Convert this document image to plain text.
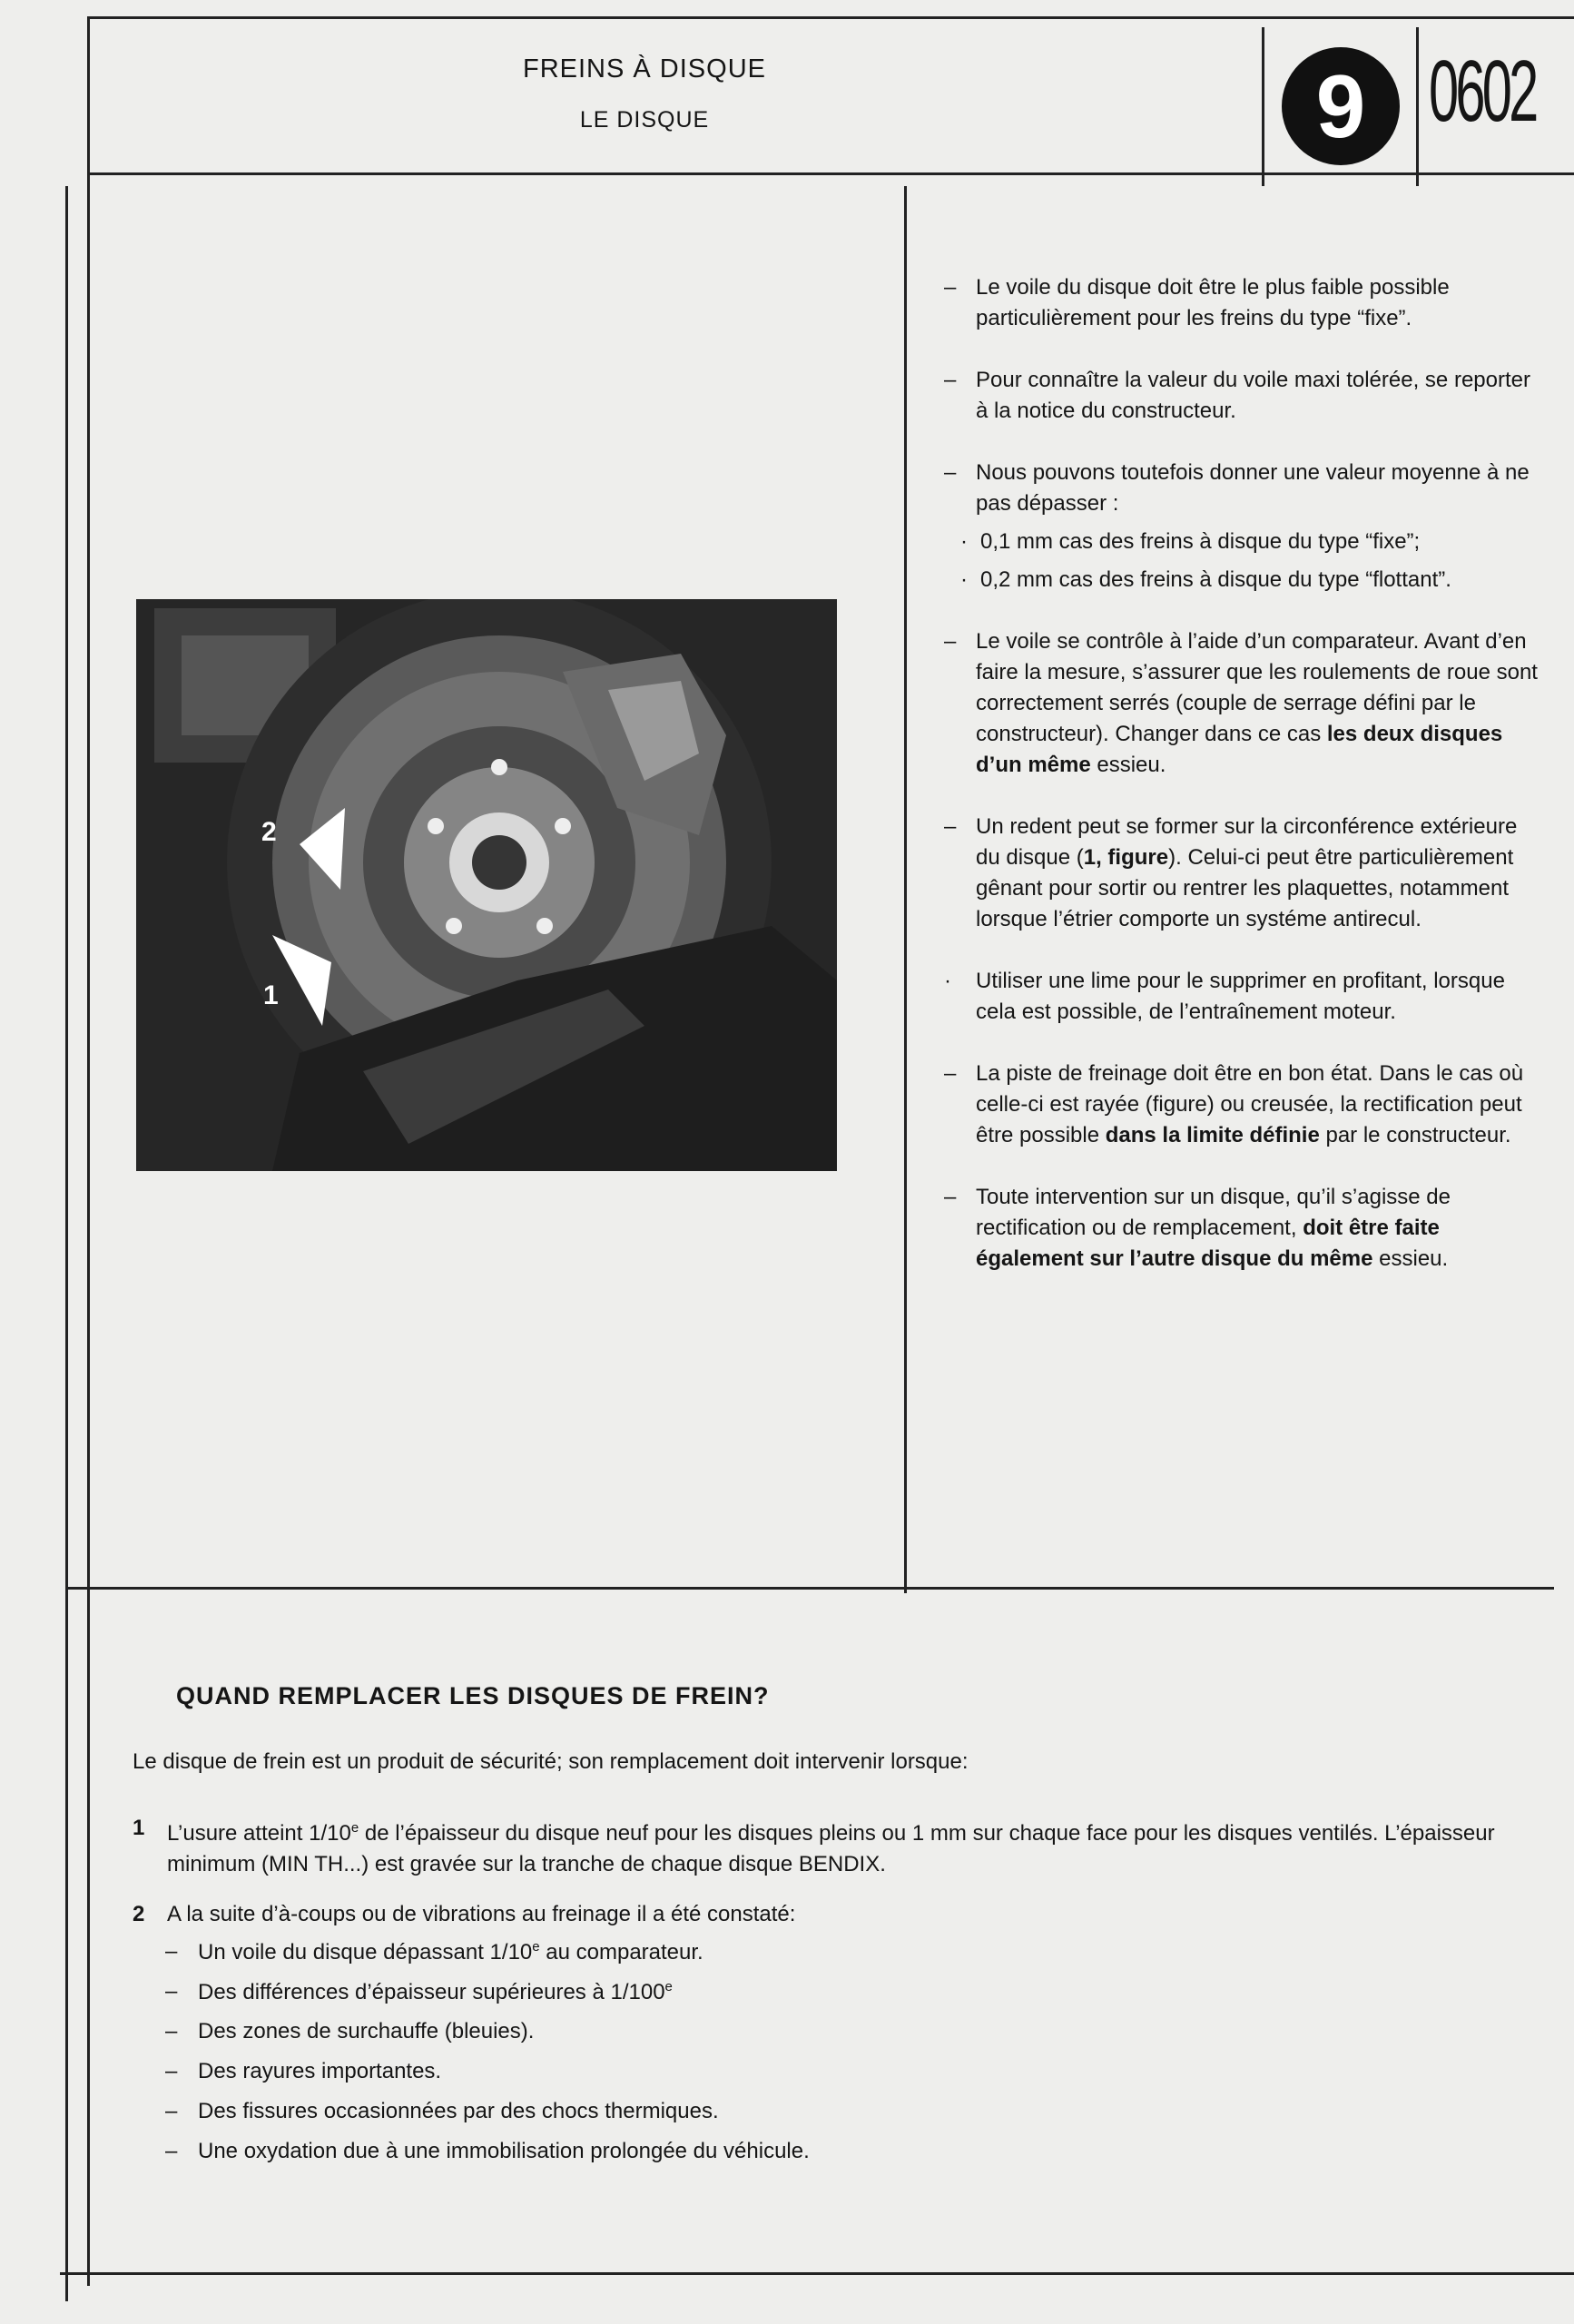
FREINS À DISQUE
LE DISQUE	9 0602
2
1
– Le voile du disque doit être le plus faible possible particulièrement pour les freins du type “fixe”.
– Pour connaître la valeur du voile maxi tolérée, se reporter à la notice du constructeur.
– Nous pouvons toutefois donner une valeur moyenne à ne pas dépasser :
· 0,1 mm cas des freins à disque du type “fixe”;
· 0,2 mm cas des freins à disque du type “flottant”.
– Le voile se contrôle à l’aide d’un comparateur. Avant d’en faire la mesure, s’assurer que les roulements de roue sont correctement serrés (couple de serrage défini par le constructeur). Changer dans ce cas les deux disques d’un même essieu.
– Un redent peut se former sur la circonférence extérieure du disque (1, figure). Celui-ci peut être particulièrement gênant pour sortir ou rentrer les plaquettes, notamment lorsque l’étrier comporte un systéme antirecul.
· Utiliser une lime pour le supprimer en profitant, lorsque cela est possible, de l’entraînement moteur.
– La piste de freinage doit être en bon état. Dans le cas où celle-ci est rayée (figure) ou creusée, la rectification peut être possible dans la limite définie par le constructeur.
– Toute intervention sur un disque, qu’il s’agisse de rectification ou de remplacement, doit être faite également sur l’autre disque du même essieu.
QUAND REMPLACER LES DISQUES DE FREIN?
Le disque de frein est un produit de sécurité; son remplacement doit intervenir lorsque:
1	L’usure atteint 1/10e de l’épaisseur du disque neuf pour les disques pleins ou 1 mm sur chaque face pour les disques ventilés. L’épaisseur minimum (MIN TH...) est gravée sur la tranche de chaque disque BENDIX.
2	A la suite d’à-coups ou de vibrations au freinage il a été constaté:
– Un voile du disque dépassant 1/10e au comparateur.
– Des différences d’épaisseur supérieures à 1/100e
– Des zones de surchauffe (bleuies).
– Des rayures importantes.
– Des fissures occasionnées par des chocs thermiques.
– Une oxydation due à une immobilisation prolongée du véhicule.
